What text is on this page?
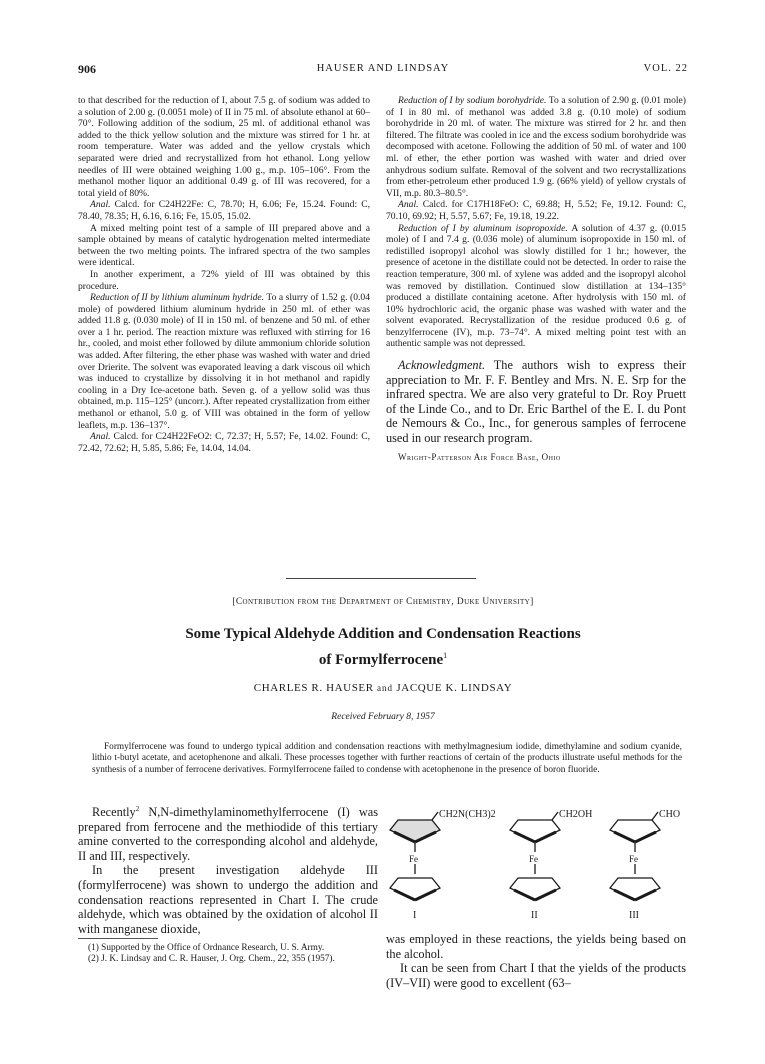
906	HAUSER AND LINDSAY	VOL. 22

to that described for the reduction of I, about 7.5 g. of sodium was added to a solution of 2.00 g. (0.0051 mole) of II in 75 ml. of absolute ethanol at 60–70°. Following addition of the sodium, 25 ml. of additional ethanol was added to the thick yellow solution and the mixture was stirred for 1 hr. at room temperature. Water was added and the yellow crystals which separated were dried and recrystallized from hot ethanol. Long yellow needles of III were obtained weighing 1.00 g., m.p. 105–106°. From the methanol mother liquor an additional 0.49 g. of III was recovered, for a total yield of 80%.

Anal. Calcd. for C24H22Fe: C, 78.70; H, 6.06; Fe, 15.24. Found: C, 78.40, 78.35; H, 6.16, 6.16; Fe, 15.05, 15.02.

A mixed melting point test of a sample of III prepared above and a sample obtained by means of catalytic hydrogenation melted intermediate between the two melting points. The infrared spectra of the two samples were identical.

In another experiment, a 72% yield of III was obtained by this procedure.

Reduction of II by lithium aluminum hydride. To a slurry of 1.52 g. (0.04 mole) of powdered lithium aluminum hydride in 250 ml. of ether was added 11.8 g. (0.030 mole) of II in 150 ml. of benzene and 50 ml. of ether over a 1 hr. period. The reaction mixture was refluxed with stirring for 16 hr., cooled, and moist ether followed by dilute ammonium chloride solution was added. After filtering, the ether phase was washed with water and dried over Drierite. The solvent was evaporated leaving a dark viscous oil which was induced to crystallize by dissolving it in hot methanol and rapidly cooling in a Dry Ice-acetone bath. Seven g. of a yellow solid was thus obtained, m.p. 115–125° (uncorr.). After repeated crystallization from either methanol or ethanol, 5.0 g. of VIII was obtained in the form of yellow leaflets, m.p. 136–137°.

Anal. Calcd. for C24H22FeO2: C, 72.37; H, 5.57; Fe, 14.02. Found: C, 72.42, 72.62; H, 5.85, 5.86; Fe, 14.04, 14.04.

Reduction of I by sodium borohydride. To a solution of 2.90 g. (0.01 mole) of I in 80 ml. of methanol was added 3.8 g. (0.10 mole) of sodium borohydride in 20 ml. of water. The mixture was stirred for 2 hr. and then filtered. The filtrate was cooled in ice and the excess sodium borohydride was decomposed with acetone. Following the addition of 50 ml. of water and 100 ml. of ether, the ether portion was washed with water and dried over anhydrous sodium sulfate. Removal of the solvent and two recrystallizations from ether-petroleum ether produced 1.9 g. (66% yield) of yellow crystals of VII, m.p. 80.3–80.5°.

Anal. Calcd. for C17H18FeO: C, 69.88; H, 5.52; Fe, 19.12. Found: C, 70.10, 69.92; H, 5.57, 5.67; Fe, 19.18, 19.22.

Reduction of I by aluminum isopropoxide. A solution of 4.37 g. (0.015 mole) of I and 7.4 g. (0.036 mole) of aluminum isopropoxide in 150 ml. of redistilled isopropyl alcohol was slowly distilled for 1 hr.; however, the presence of acetone in the distillate could not be detected. In order to raise the reaction temperature, 300 ml. of xylene was added and the isopropyl alcohol was removed by distillation. Continued slow distillation at 134–135° produced a distillate containing acetone. After hydrolysis with 150 ml. of 10% hydrochloric acid, the organic phase was washed with water and the solvent evaporated. Recrystallization of the residue produced 0.6 g. of benzylferrocene (IV), m.p. 73–74°. A mixed melting point test with an authentic sample was not depressed.

Acknowledgment. The authors wish to express their appreciation to Mr. F. F. Bentley and Mrs. N. E. Srp for the infrared spectra. We are also very grateful to Dr. Roy Pruett of the Linde Co., and to Dr. Eric Barthel of the E. I. du Pont de Nemours & Co., Inc., for generous samples of ferrocene used in our research program.

Wright-Patterson Air Force Base, Ohio

[Contribution from the Department of Chemistry, Duke University]
Some Typical Aldehyde Addition and Condensation Reactions
of Formylferrocene$^1$
CHARLES R. HAUSER and JACQUE K. LINDSAY
Received February 8, 1957

Formylferrocene was found to undergo typical addition and condensation reactions with methylmagnesium iodide, dimethylamine and sodium cyanide, lithio t-butyl acetate, and acetophenone and alkali. These processes together with further reactions of certain of the products illustrate useful methods for the synthesis of a number of ferrocene derivatives. Formylferrocene failed to condense with acetophenone in the presence of boron fluoride.

Recently$^2$ N,N-dimethylaminomethylferrocene (I) was prepared from ferrocene and the methiodide of this tertiary amine converted to the corresponding alcohol and aldehyde, II and III, respectively.

In the present investigation aldehyde III (formylferrocene) was shown to undergo the addition and condensation reactions represented in Chart I. The crude aldehyde, which was obtained by the oxidation of alcohol II with manganese dioxide,

(1) Supported by the Office of Ordnance Research, U. S. Army.

(2) J. K. Lindsay and C. R. Hauser, J. Org. Chem., 22, 355 (1957).

CH2N(CH3)2	CH2OH	CHO
Fe	Fe	Fe
I	II	III

was employed in these reactions, the yields being based on the alcohol.

It can be seen from Chart I that the yields of the products (IV–VII) were good to excellent (63–
